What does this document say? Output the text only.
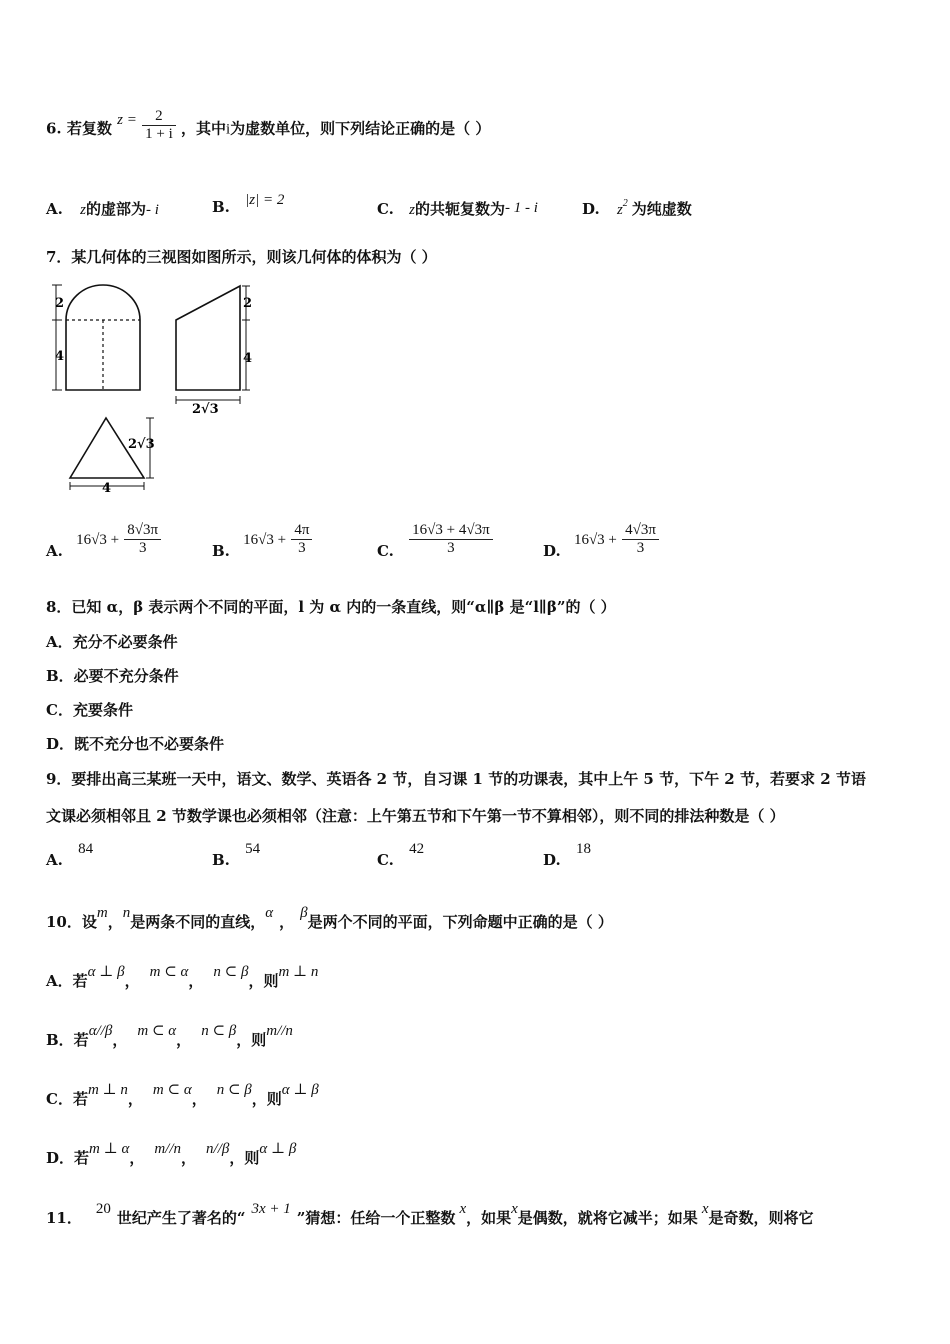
6. 若复数 $z = \frac{2}{1 + i}$ ，其中i为虚数单位，则下列结论正确的是（ ）
A. z的虚部为- i	B. |z| = 2	C. z的共轭复数为- 1 - i	D. $z^2$ 为纯虚数
7．某几何体的三视图如图所示，则该几何体的体积为（ ）
2
4
2
4
2√3
2√3
4
A. $16√3 + \frac{8√3\pi}{3}$	B. $16√3 + \frac{4\pi}{3}$	C. $\frac{16√3 + 4√3\pi}{3}$	D. $16√3 + \frac{4√3\pi}{3}$
8．已知 α，β 表示两个不同的平面，l 为 α 内的一条直线，则“α∥β 是“l∥β”的（ ）
A．充分不必要条件
B．必要不充分条件
C．充要条件
D．既不充分也不必要条件
9．要排出高三某班一天中，语文、数学、英语各 2 节，自习课 1 节的功课表，其中上午 5 节，下午 2 节，若要求 2 节语
文课必须相邻且 2 节数学课也必须相邻（注意：上午第五节和下午第一节不算相邻），则不同的排法种数是（ ）
A. 84
B. 54
C. 42
D. 18
10．设m，n是两条不同的直线，α ， β是两个不同的平面，下列命题中正确的是（ ）
A．若α ⊥ β， m ⊂ α， n ⊂ β，则m ⊥ n
B．若α//β， m ⊂ α， n ⊂ β，则m//n
C．若m ⊥ n， m ⊂ α， n ⊂ β，则α ⊥ β
D．若m ⊥ α， m//n， n//β，则α ⊥ β
11． 20 世纪产生了著名的“ 3x + 1 ”猜想：任给一个正整数 x，如果x是偶数，就将它减半；如果 x是奇数，则将它
